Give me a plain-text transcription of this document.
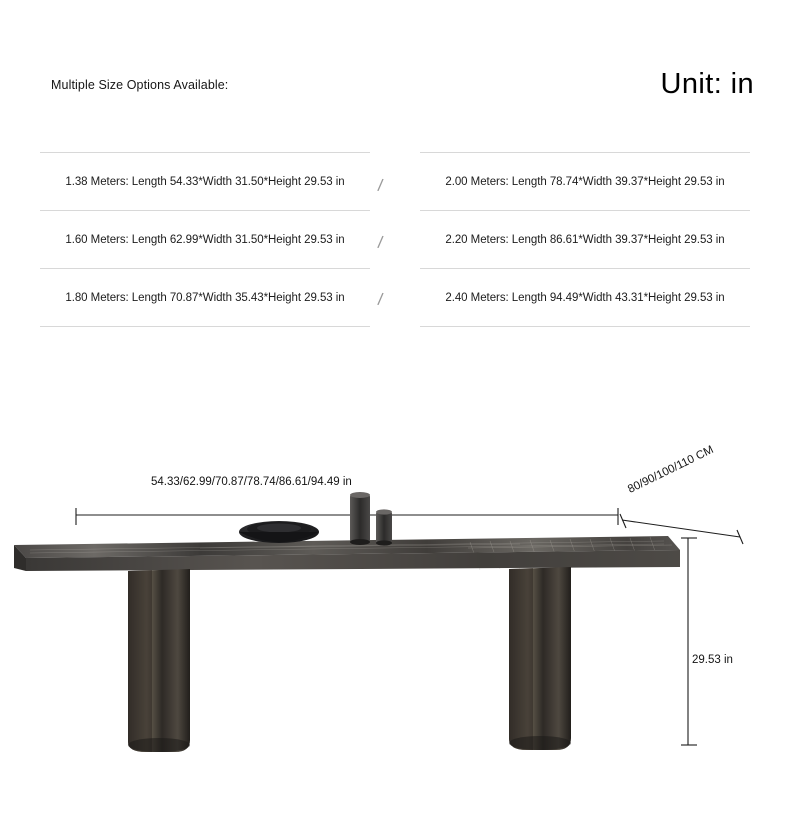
Multiple Size Options Available:	Unit: in
1.38 Meters: Length 54.33*Width 31.50*Height 29.53 in
1.60 Meters: Length 62.99*Width 31.50*Height 29.53 in
1.80 Meters: Length 70.87*Width 35.43*Height 29.53 in
2.00 Meters: Length 78.74*Width 39.37*Height 29.53 in
2.20 Meters: Length 86.61*Width 39.37*Height 29.53 in
2.40 Meters: Length 94.49*Width 43.31*Height 29.53 in
/
/
/
54.33/62.99/70.87/78.74/86.61/94.49 in	80/90/100/110 CM
29.53 in
